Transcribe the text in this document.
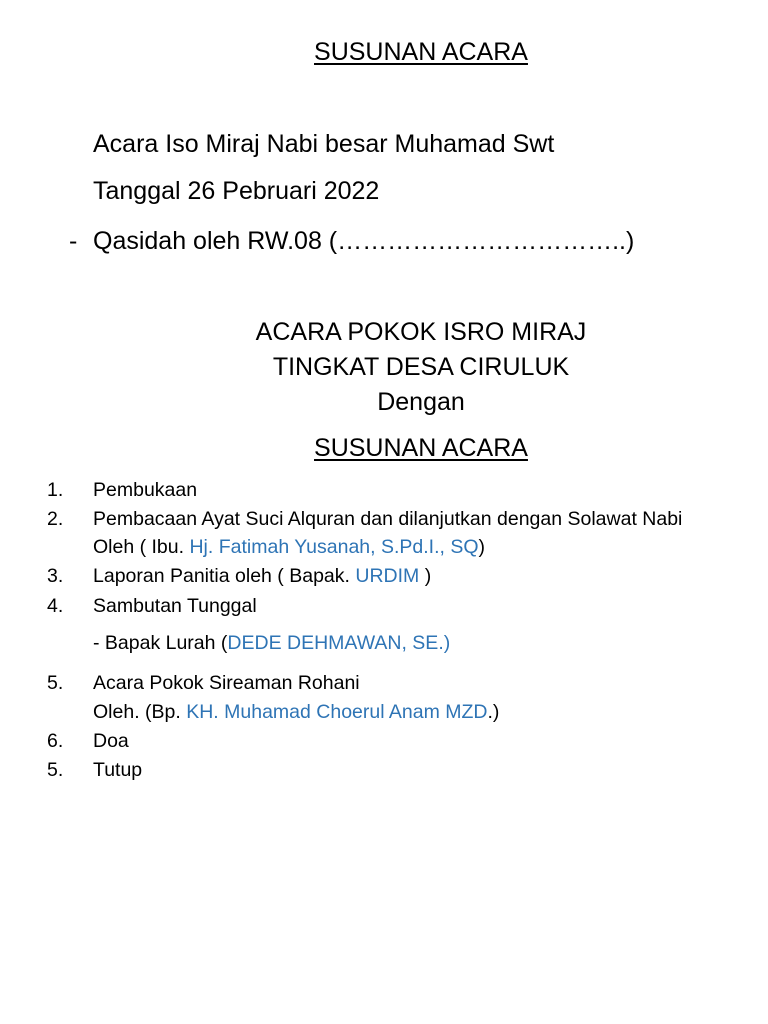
SUSUNAN ACARA
Acara Iso Miraj Nabi besar Muhamad Swt
Tanggal 26 Pebruari 2022
- Qasidah oleh RW.08 (……………………………..)
ACARA POKOK ISRO MIRAJ
TINGKAT DESA CIRULUK
Dengan
SUSUNAN ACARA
1. Pembukaan
2. Pembacaan Ayat Suci Alquran dan dilanjutkan dengan Solawat Nabi
Oleh ( Ibu. Hj. Fatimah Yusanah, S.Pd.I., SQ)
3. Laporan Panitia oleh ( Bapak. URDIM )
4. Sambutan Tunggal
- Bapak Lurah (DEDE DEHMAWAN, SE.)
5. Acara Pokok Sireaman Rohani
Oleh. (Bp. KH. Muhamad Choerul Anam MZD.)
6. Doa
5. Tutup
